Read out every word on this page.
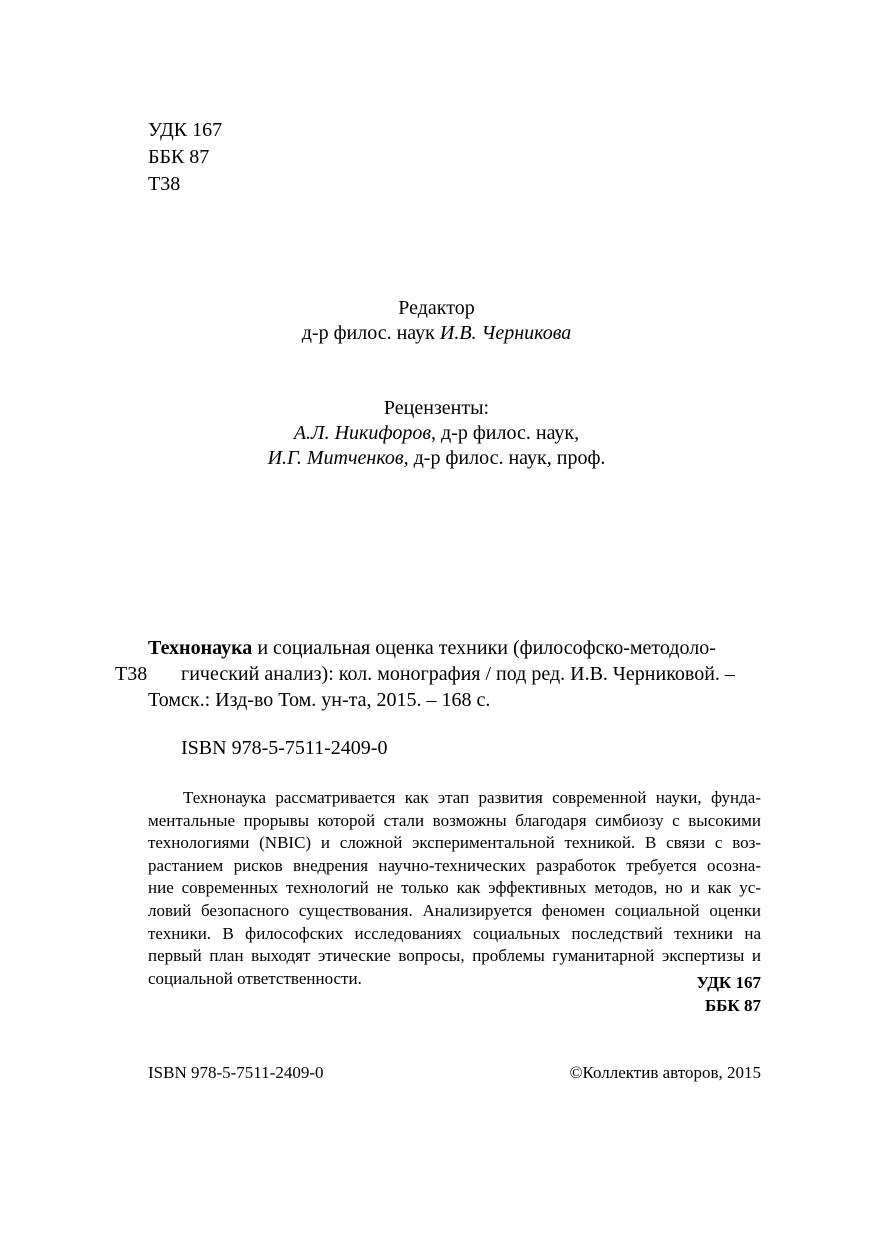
УДК 167
ББК 87
Т38
Редактор
д-р филос. наук И.В. Черникова
Рецензенты:
А.Л. Никифоров, д-р филос. наук,
И.Г. Митченков, д-р филос. наук, проф.
Технонаука и социальная оценка техники (философско-методоло-
Т38 гический анализ): кол. монография / под ред. И.В. Черниковой. –
Томск.: Изд-во Том. ун-та, 2015. – 168 с.
ISBN 978-5-7511-2409-0
Технонаука рассматривается как этап развития современной науки, фунда-
ментальные прорывы которой стали возможны благодаря симбиозу с высокими
технологиями (NBIC) и сложной экспериментальной техникой. В связи с воз-
растанием рисков внедрения научно-технических разработок требуется осозна-
ние современных технологий не только как эффективных методов, но и как ус-
ловий безопасного существования. Анализируется феномен социальной оценки
техники. В философских исследованиях социальных последствий техники на
первый план выходят этические вопросы, проблемы гуманитарной экспертизы и
социальной ответственности.	УДК 167
ББК 87
ISBN 978-5-7511-2409-0	©Коллектив авторов, 2015
